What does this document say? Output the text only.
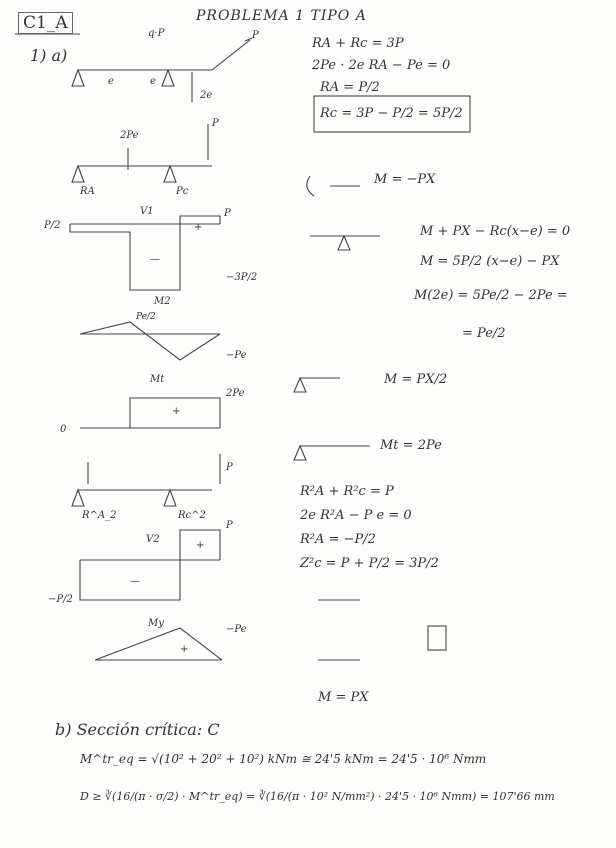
C1_A	PROBLEMA 1 TIPO A
1) a)
q·P	P
e	e
2e
RA + Rc = 3P
2Pe · 2e RA − Pe = 0
RA = P/2
Rc = 3P − P/2 = 5P/2
2Pe
P
RA	Pc
V1
P/2
P
−3P/2
—
+
M2
Pe/2
−Pe
Mt
2Pe
0
+
R^A_2	Rc^2
P
V2
−P/2
P
—
+
My
−Pe
+
M = −PX
M + PX − Rc(x−e) = 0
M = 5P/2 (x−e) − PX
M(2e) = 5Pe/2 − 2Pe =
= Pe/2
M = PX/2
Mt = 2Pe
R²A + R²c = P
2e R²A − P e = 0
R²A = −P/2
Z²c = P + P/2 = 3P/2
M = PX
b) Sección crítica: C
M^tr_eq = √(10² + 20² + 10²) kNm ≅ 24'5 kNm = 24'5 · 10⁶ Nmm
D ≥ ∛(16/(π · σ/2) · M^tr_eq) = ∛(16/(π · 10² N/mm²) · 24'5 · 10⁶ Nmm) = 107'66 mm
